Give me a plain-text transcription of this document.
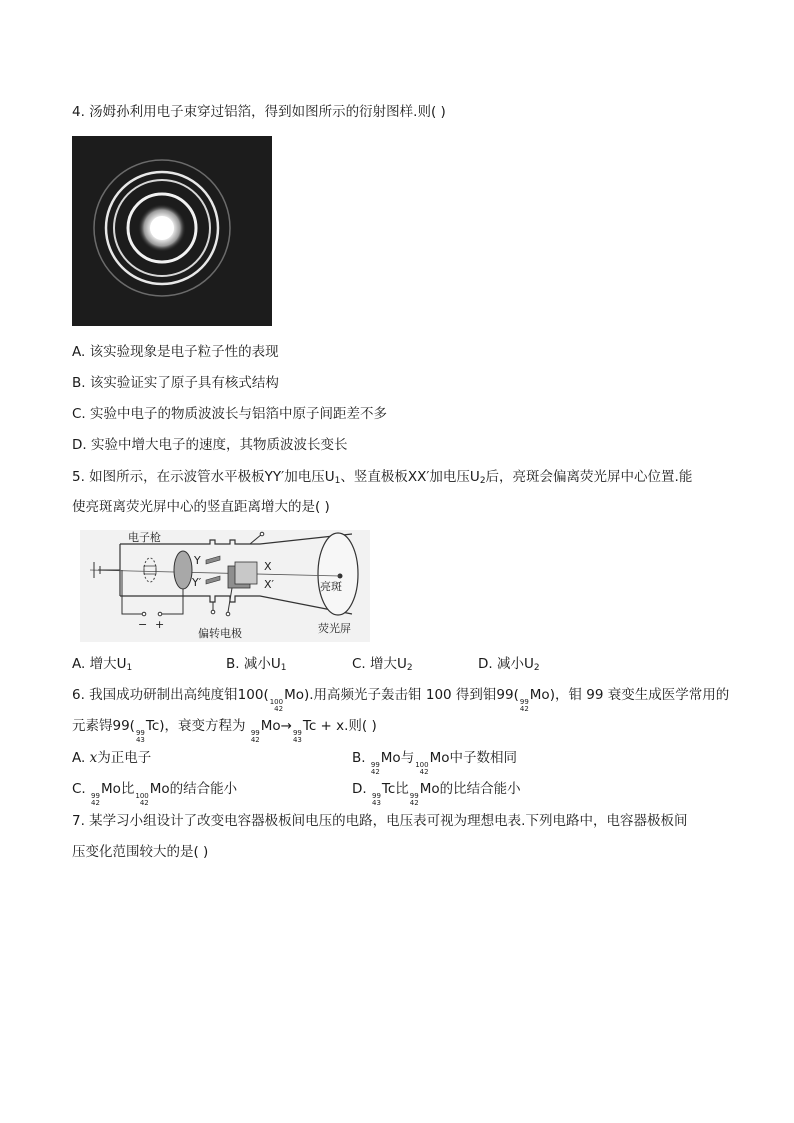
4. 汤姆孙利用电子束穿过铝箔，得到如图所示的衍射图样.则( )
A. 该实验现象是电子粒子性的表现
B. 该实验证实了原子具有核式结构
C. 实验中电子的物质波波长与铝箔中原子间距差不多
D. 实验中增大电子的速度，其物质波波长变长
5. 如图所示，在示波管水平极板YY′加电压$U_1$、竖直极板XX′加电压$U_2$后，亮斑会偏离荧光屏中心位置.能
使亮斑离荧光屏中心的竖直距离增大的是( )
电子枪
Y
Y′
X
X′	亮斑
偏转电极	荧光屏
− +
A. 增大$U_1$	B. 减小$U_1$	C. 增大$U_2$	D. 减小$U_2$
6. 我国成功研制出高纯度钼100( 100
42
Mo).用高频光子轰击钼 100 得到钼99( 99
42
Mo)，钼 99 衰变生成医学常用的
元素锝99( 99
43
Tc)，衰变方程为 99
42
Mo→ 99
43
Tc + x.则( )
A. x为正电子	B. 99
42
Mo与 100
42
Mo中子数相同
C. 99
42
Mo比 100
42
Mo的结合能小	D. 99
43
Tc比 99
42
Mo的比结合能小
7. 某学习小组设计了改变电容器极板间电压的电路，电压表可视为理想电表.下列电路中，电容器极板间
压变化范围较大的是( )
